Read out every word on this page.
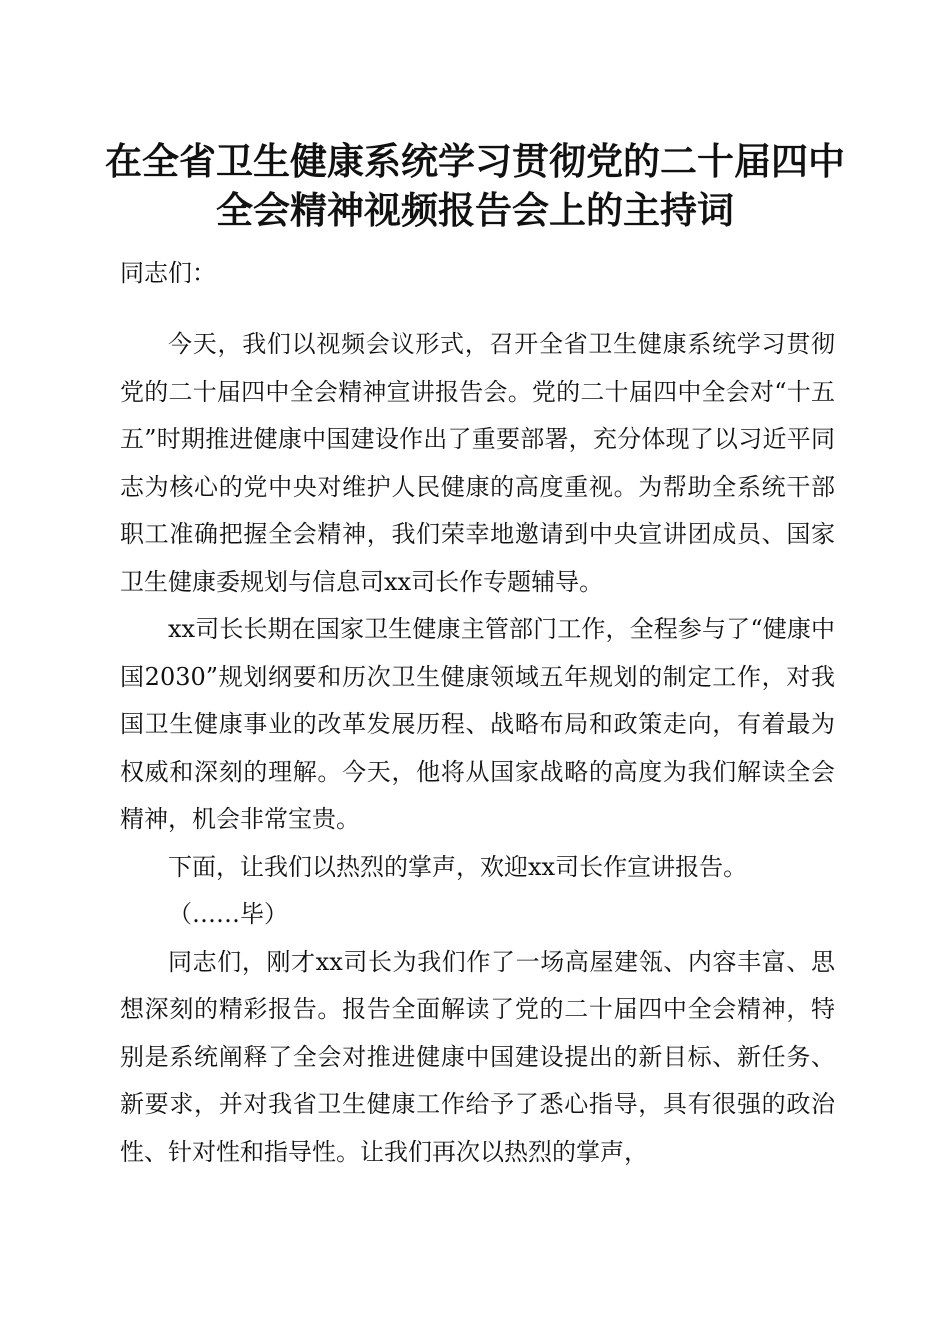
在全省卫生健康系统学习贯彻党的二十届四中
全会精神视频报告会上的主持词

同志们：

今天，我们以视频会议形式，召开全省卫生健康系统学习贯彻党的二十届四中全会精神宣讲报告会。党的二十届四中全会对“十五五”时期推进健康中国建设作出了重要部署，充分体现了以习近平同志为核心的党中央对维护人民健康的高度重视。为帮助全系统干部职工准确把握全会精神，我们荣幸地邀请到中央宣讲团成员、国家卫生健康委规划与信息司xx司长作专题辅导。

xx司长长期在国家卫生健康主管部门工作，全程参与了“健康中国2030”规划纲要和历次卫生健康领域五年规划的制定工作，对我国卫生健康事业的改革发展历程、战略布局和政策走向，有着最为权威和深刻的理解。今天，他将从国家战略的高度为我们解读全会精神，机会非常宝贵。

下面，让我们以热烈的掌声，欢迎xx司长作宣讲报告。

（……毕）

同志们，刚才xx司长为我们作了一场高屋建瓴、内容丰富、思想深刻的精彩报告。报告全面解读了党的二十届四中全会精神，特别是系统阐释了全会对推进健康中国建设提出的新目标、新任务、新要求，并对我省卫生健康工作给予了悉心指导，具有很强的政治性、针对性和指导性。让我们再次以热烈的掌声，
